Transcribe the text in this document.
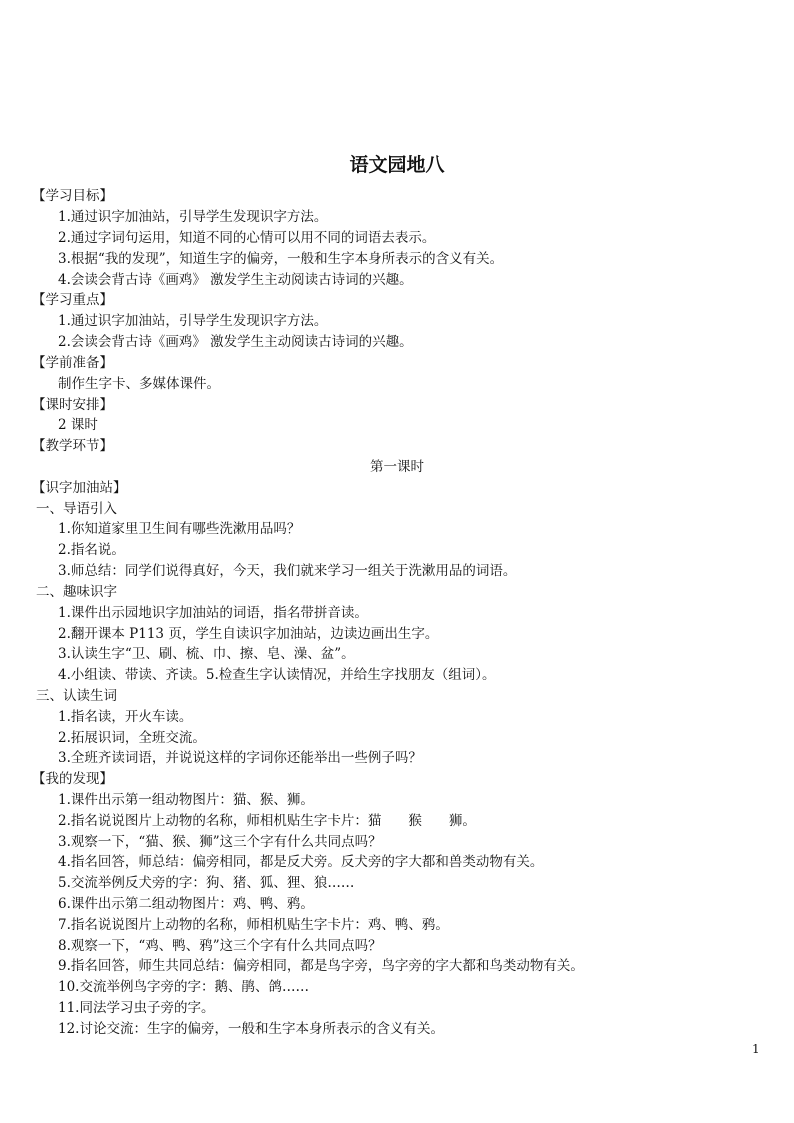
语文园地八
【学习目标】
1.通过识字加油站，引导学生发现识字方法。
2.通过字词句运用，知道不同的心情可以用不同的词语去表示。
3.根据“我的发现”，知道生字的偏旁，一般和生字本身所表示的含义有关。
4.会读会背古诗《画鸡》 激发学生主动阅读古诗词的兴趣。
【学习重点】
1.通过识字加油站，引导学生发现识字方法。
2.会读会背古诗《画鸡》 激发学生主动阅读古诗词的兴趣。
【学前准备】
制作生字卡、多媒体课件。
【课时安排】
2 课时
【教学环节】
第一课时
【识字加油站】
一、导语引入
1.你知道家里卫生间有哪些洗漱用品吗？
2.指名说。
3.师总结：同学们说得真好，今天，我们就来学习一组关于洗漱用品的词语。
二、趣味识字
1.课件出示园地识字加油站的词语，指名带拼音读。
2.翻开课本 P113 页，学生自读识字加油站，边读边画出生字。
3.认读生字“卫、刷、梳、巾、擦、皂、澡、盆”。
4.小组读、带读、齐读。5.检查生字认读情况，并给生字找朋友（组词）。
三、认读生词
1.指名读，开火车读。
2.拓展识词，全班交流。
3.全班齐读词语，并说说这样的字词你还能举出一些例子吗？
【我的发现】
1.课件出示第一组动物图片：猫、猴、狮。
2.指名说说图片上动物的名称，师相机贴生字卡片：猫　　猴　　狮。
3.观察一下，“猫、猴、狮”这三个字有什么共同点吗？
4.指名回答，师总结：偏旁相同，都是反犬旁。反犬旁的字大都和兽类动物有关。
5.交流举例反犬旁的字：狗、猪、狐、狸、狼……
6.课件出示第二组动物图片：鸡、鸭、鸦。
7.指名说说图片上动物的名称，师相机贴生字卡片：鸡、鸭、鸦。
8.观察一下，“鸡、鸭、鸦”这三个字有什么共同点吗？
9.指名回答，师生共同总结：偏旁相同，都是鸟字旁，鸟字旁的字大都和鸟类动物有关。
10.交流举例鸟字旁的字：鹅、鹃、鸽……
11.同法学习虫子旁的字。
12.讨论交流：生字的偏旁，一般和生字本身所表示的含义有关。
1
